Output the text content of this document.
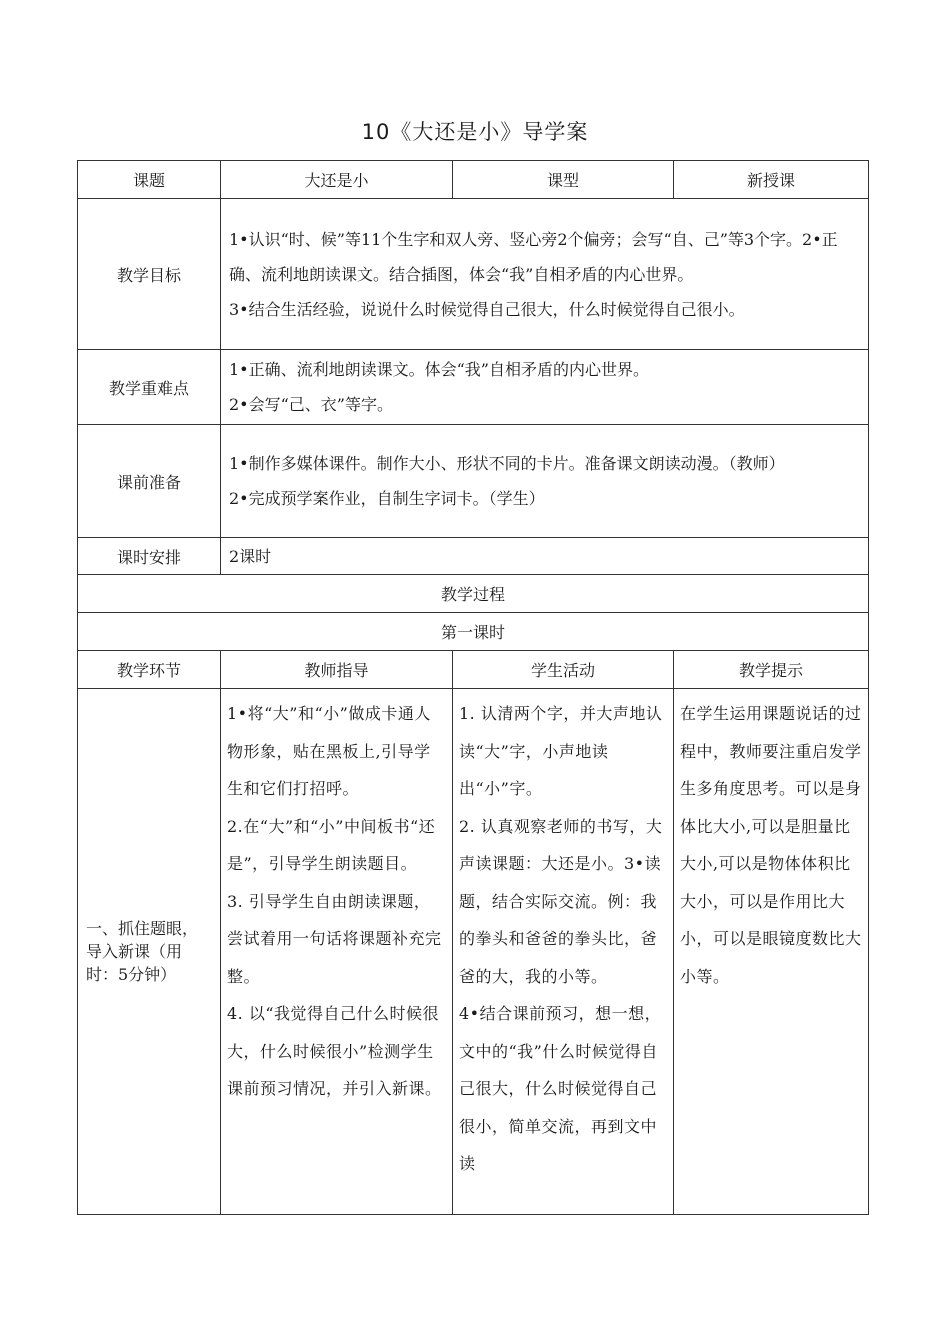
10《大还是小》导学案
课题	大还是小	课型	新授课
教学目标	1•认识“时、候”等11个生字和双人旁、竖心旁2个偏旁；会写“自、己”等3个字。2•正确、流利地朗读课文。结合插图，体会“我”自相矛盾的内心世界。
3•结合生活经验，说说什么时候觉得自己很大，什么时候觉得自己很小。		

教学重难点	1•正确、流利地朗读课文。体会“我”自相矛盾的内心世界。
2•会写“己、衣”等字。		

课前准备	1•制作多媒体课件。制作大小、形状不同的卡片。准备课文朗读动漫。（教师）
2•完成预学案作业，自制生字词卡。（学生）		

课时安排	2课时		
教学过程			
第一课时			
教学环节	教师指导	学生活动	教学提示
一、抓住题眼，导入新课（用时：5分钟）	1•将“大”和“小”做成卡通人物形象，贴在黑板上,引导学生和它们打招呼。
2.在“大”和“小”中间板书“还是”，引导学生朗读题目。
3. 引导学生自由朗读课题，尝试着用一句话将课题补充完整。
4. 以“我觉得自己什么时候很大，什么时候很小”检测学生课前预习情况，并引入新课。	1. 认清两个字，并大声地认读“大”字，小声地读出“小”字。
2. 认真观察老师的书写，大声读课题：大还是小。3•读题，结合实际交流。例：我的拳头和爸爸的拳头比，爸爸的大，我的小等。
4•结合课前预习，想一想，文中的“我”什么时候觉得自己很大，什么时候觉得自己很小，简单交流，再到文中读	在学生运用课题说话的过程中，教师要注重启发学生多角度思考。可以是身体比大小,可以是胆量比大小,可以是物体体积比大小，可以是作用比大小，可以是眼镜度数比大小等。
